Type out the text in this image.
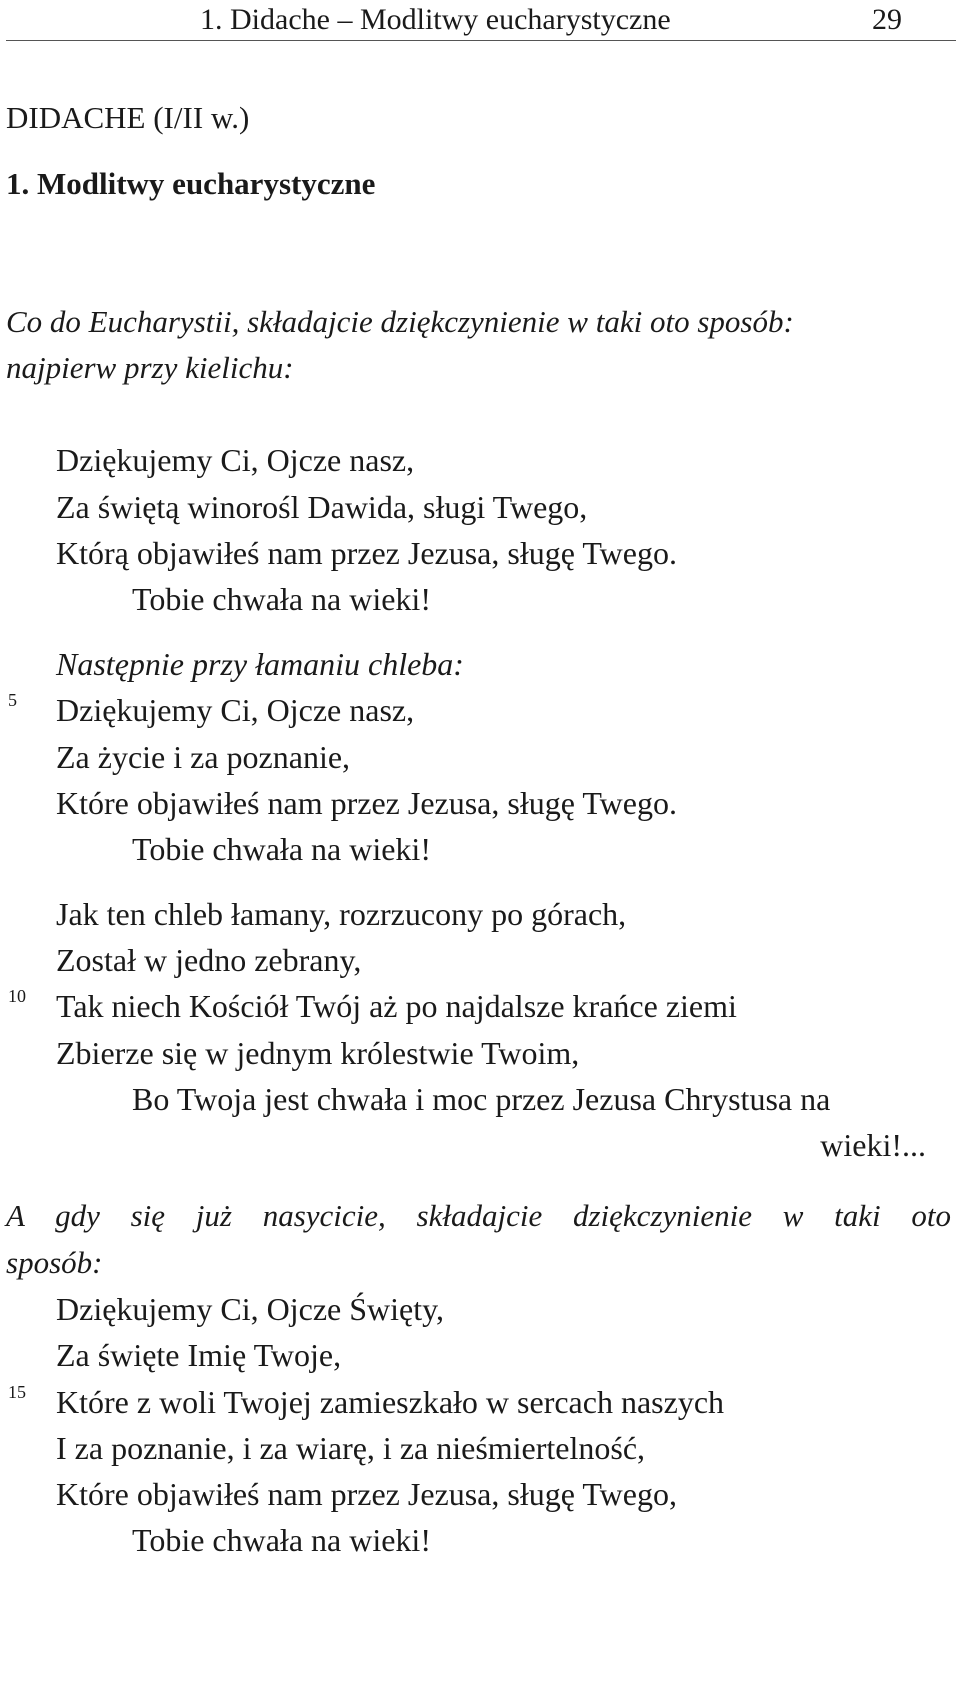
1. Didache – Modlitwy eucharystyczne	29
DIDACHE (I/II w.)
1. Modlitwy eucharystyczne
Co do Eucharystii, składajcie dziękczynienie w taki oto sposób:
najpierw przy kielichu:
Dziękujemy Ci, Ojcze nasz,
Za świętą winorośl Dawida, sługi Twego,
Którą objawiłeś nam przez Jezusa, sługę Twego.
Tobie chwała na wieki!
Następnie przy łamaniu chleba:
5 Dziękujemy Ci, Ojcze nasz,
Za życie i za poznanie,
Które objawiłeś nam przez Jezusa, sługę Twego.
Tobie chwała na wieki!
Jak ten chleb łamany, rozrzucony po górach,
Został w jedno zebrany,
10 Tak niech Kościół Twój aż po najdalsze krańce ziemi
Zbierze się w jednym królestwie Twoim,
Bo Twoja jest chwała i moc przez Jezusa Chrystusa na
wieki!...
A gdy się już nasycicie, składajcie dziękczynienie w taki oto
sposób:
Dziękujemy Ci, Ojcze Święty,
Za święte Imię Twoje,
15 Które z woli Twojej zamieszkało w sercach naszych
I za poznanie, i za wiarę, i za nieśmiertelność,
Które objawiłeś nam przez Jezusa, sługę Twego,
Tobie chwała na wieki!
